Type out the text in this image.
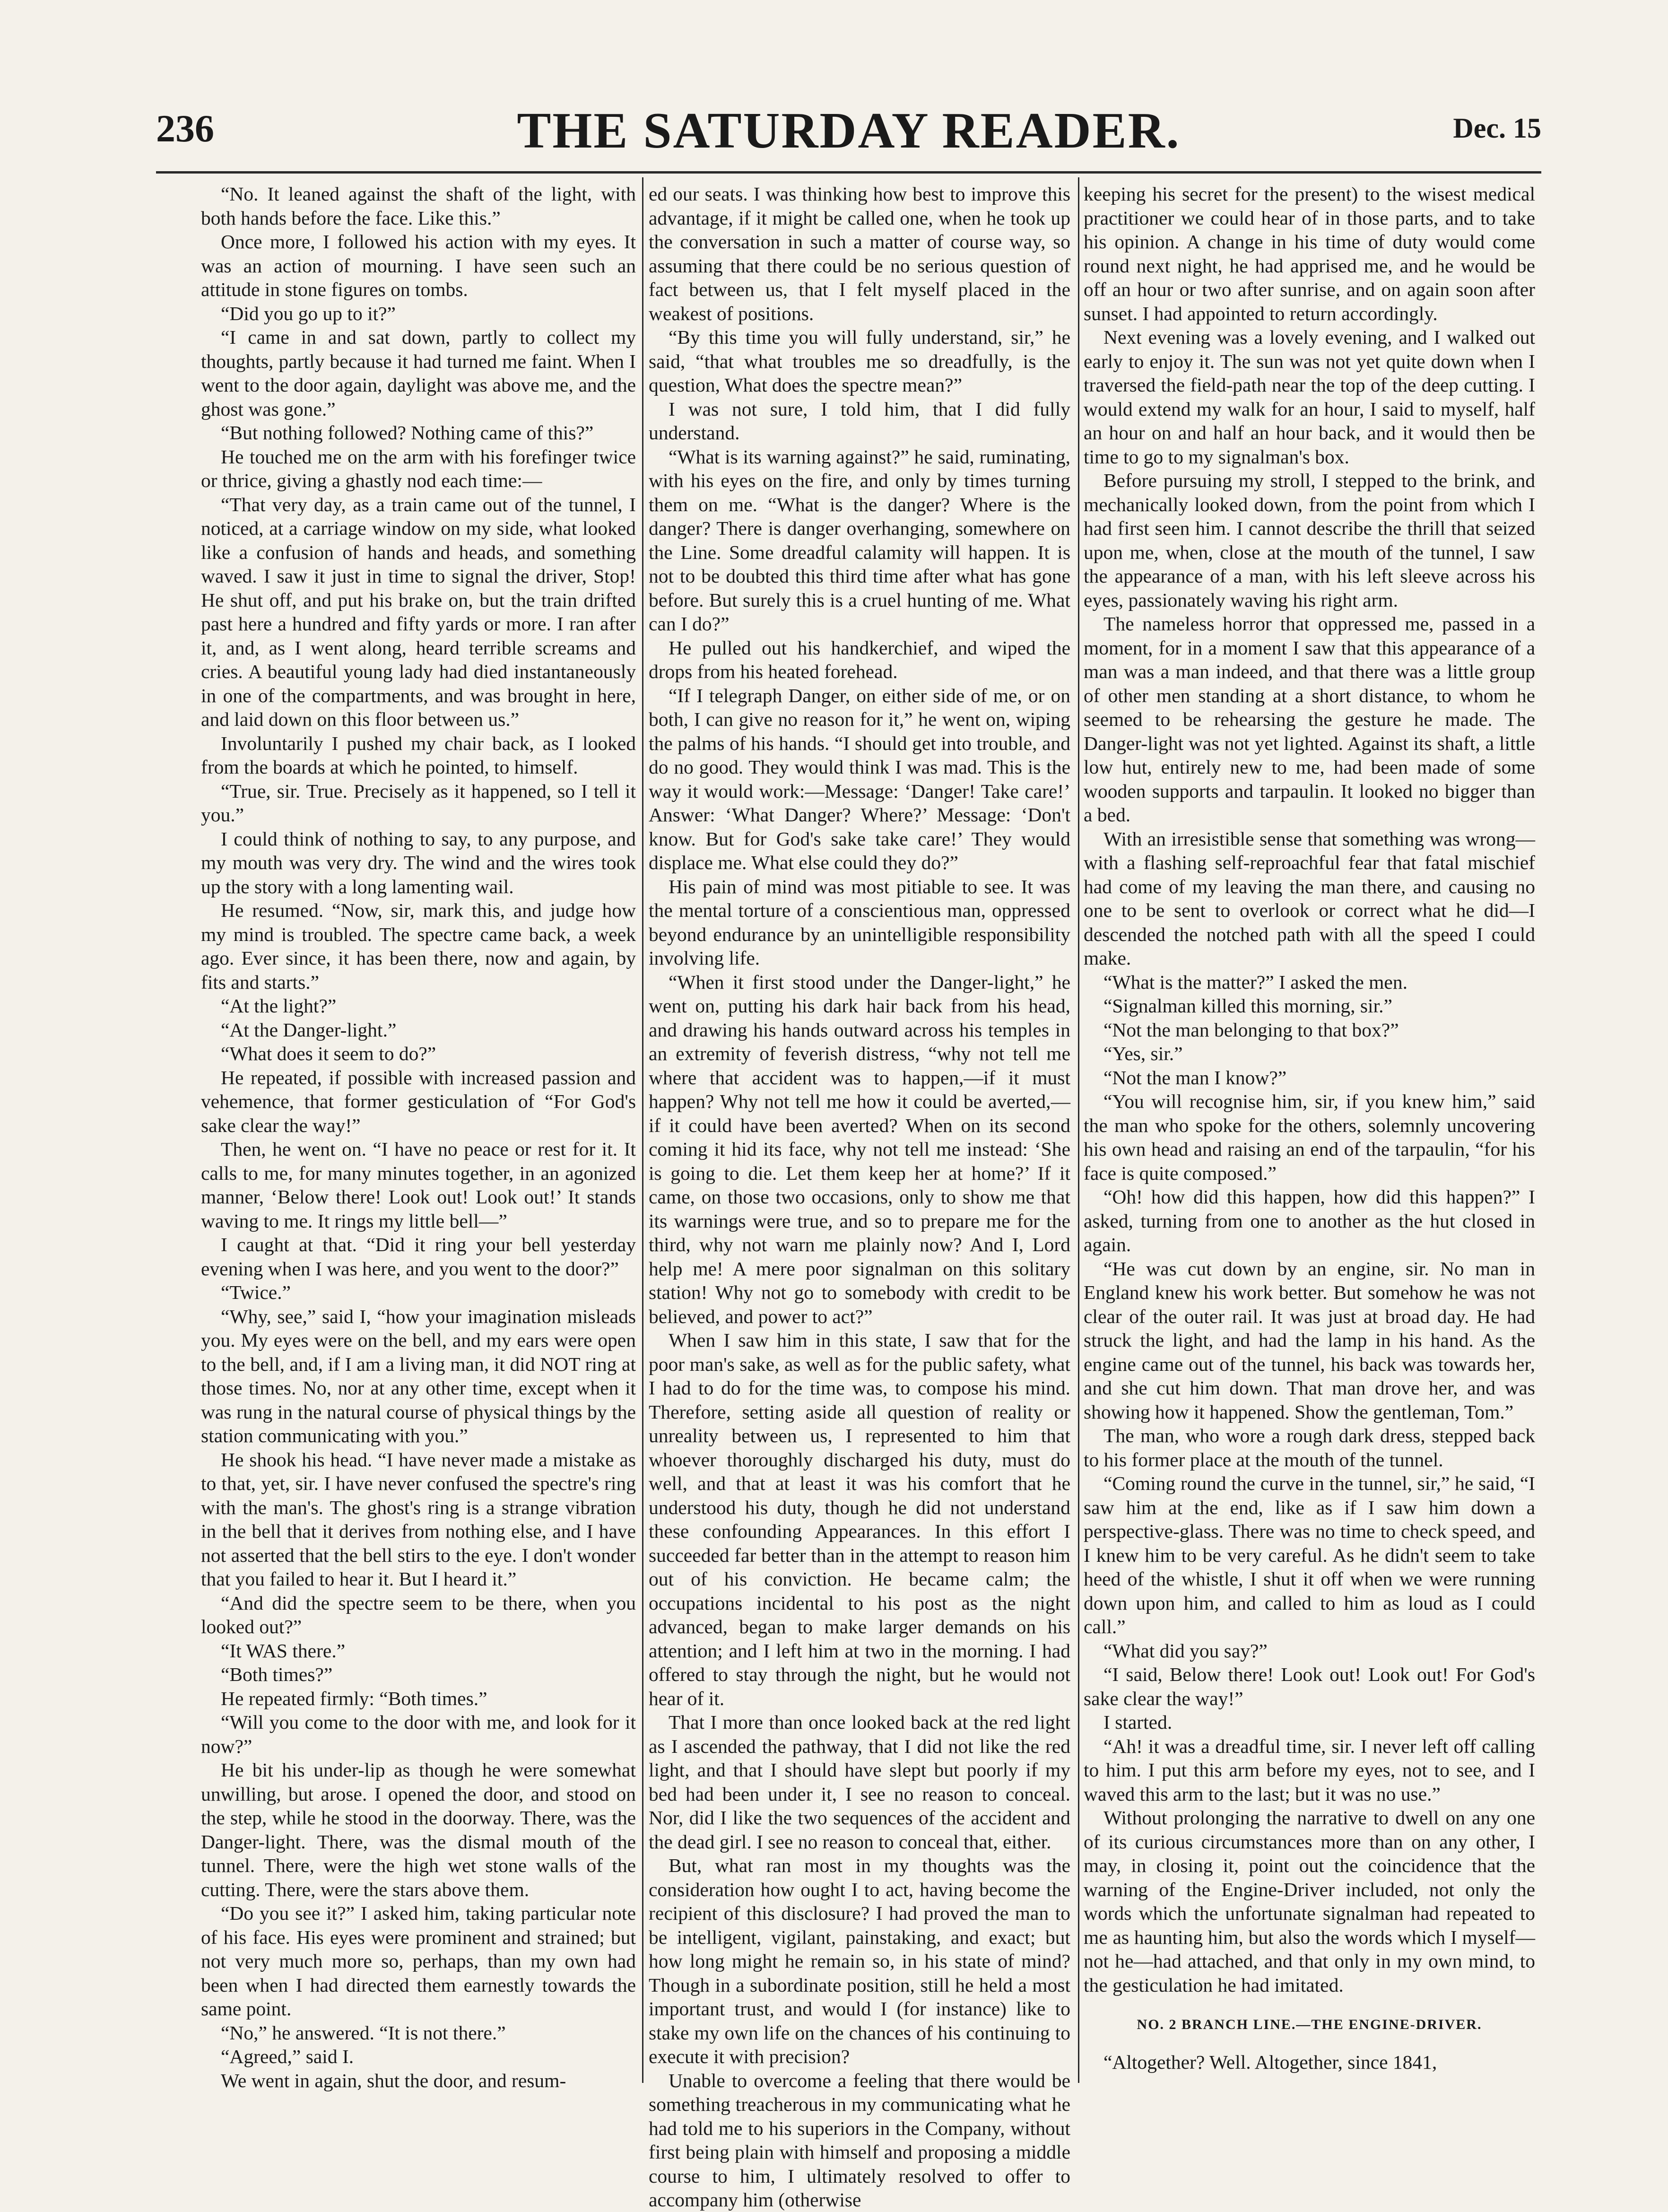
236	THE SATURDAY READER.	Dec. 15

“No. It leaned against the shaft of the light, with both hands before the face. Like this.”

Once more, I followed his action with my eyes. It was an action of mourning. I have seen such an attitude in stone figures on tombs.

“Did you go up to it?”

“I came in and sat down, partly to collect my thoughts, partly because it had turned me faint. When I went to the door again, daylight was above me, and the ghost was gone.”

“But nothing followed? Nothing came of this?”

He touched me on the arm with his forefinger twice or thrice, giving a ghastly nod each time:—

“That very day, as a train came out of the tunnel, I noticed, at a carriage window on my side, what looked like a confusion of hands and heads, and something waved. I saw it just in time to signal the driver, Stop! He shut off, and put his brake on, but the train drifted past here a hundred and fifty yards or more. I ran after it, and, as I went along, heard terrible screams and cries. A beautiful young lady had died instantaneously in one of the compartments, and was brought in here, and laid down on this floor between us.”

Involuntarily I pushed my chair back, as I looked from the boards at which he pointed, to himself.

“True, sir. True. Precisely as it happened, so I tell it you.”

I could think of nothing to say, to any purpose, and my mouth was very dry. The wind and the wires took up the story with a long lamenting wail.

He resumed. “Now, sir, mark this, and judge how my mind is troubled. The spectre came back, a week ago. Ever since, it has been there, now and again, by fits and starts.”

“At the light?”

“At the Danger-light.”

“What does it seem to do?”

He repeated, if possible with increased passion and vehemence, that former gesticulation of “For God's sake clear the way!”

Then, he went on. “I have no peace or rest for it. It calls to me, for many minutes together, in an agonized manner, ‘Below there! Look out! Look out!’ It stands waving to me. It rings my little bell—”

I caught at that. “Did it ring your bell yesterday evening when I was here, and you went to the door?”

“Twice.”

“Why, see,” said I, “how your imagination misleads you. My eyes were on the bell, and my ears were open to the bell, and, if I am a living man, it did NOT ring at those times. No, nor at any other time, except when it was rung in the natural course of physical things by the station communicating with you.”

He shook his head. “I have never made a mistake as to that, yet, sir. I have never confused the spectre's ring with the man's. The ghost's ring is a strange vibration in the bell that it derives from nothing else, and I have not asserted that the bell stirs to the eye. I don't wonder that you failed to hear it. But I heard it.”

“And did the spectre seem to be there, when you looked out?”

“It WAS there.”

“Both times?”

He repeated firmly: “Both times.”

“Will you come to the door with me, and look for it now?”

He bit his under-lip as though he were somewhat unwilling, but arose. I opened the door, and stood on the step, while he stood in the doorway. There, was the Danger-light. There, was the dismal mouth of the tunnel. There, were the high wet stone walls of the cutting. There, were the stars above them.

“Do you see it?” I asked him, taking particular note of his face. His eyes were prominent and strained; but not very much more so, perhaps, than my own had been when I had directed them earnestly towards the same point.

“No,” he answered. “It is not there.”

“Agreed,” said I.

We went in again, shut the door, and resum-

ed our seats. I was thinking how best to improve this advantage, if it might be called one, when he took up the conversation in such a matter of course way, so assuming that there could be no serious question of fact between us, that I felt myself placed in the weakest of positions.

“By this time you will fully understand, sir,” he said, “that what troubles me so dreadfully, is the question, What does the spectre mean?”

I was not sure, I told him, that I did fully understand.

“What is its warning against?” he said, ruminating, with his eyes on the fire, and only by times turning them on me. “What is the danger? Where is the danger? There is danger overhanging, somewhere on the Line. Some dreadful calamity will happen. It is not to be doubted this third time after what has gone before. But surely this is a cruel hunting of me. What can I do?”

He pulled out his handkerchief, and wiped the drops from his heated forehead.

“If I telegraph Danger, on either side of me, or on both, I can give no reason for it,” he went on, wiping the palms of his hands. “I should get into trouble, and do no good. They would think I was mad. This is the way it would work:—Message: ‘Danger! Take care!’ Answer: ‘What Danger? Where?’ Message: ‘Don't know. But for God's sake take care!’ They would displace me. What else could they do?”

His pain of mind was most pitiable to see. It was the mental torture of a conscientious man, oppressed beyond endurance by an unintelligible responsibility involving life.

“When it first stood under the Danger-light,” he went on, putting his dark hair back from his head, and drawing his hands outward across his temples in an extremity of feverish distress, “why not tell me where that accident was to happen,—if it must happen? Why not tell me how it could be averted,—if it could have been averted? When on its second coming it hid its face, why not tell me instead: ‘She is going to die. Let them keep her at home?’ If it came, on those two occasions, only to show me that its warnings were true, and so to prepare me for the third, why not warn me plainly now? And I, Lord help me! A mere poor signalman on this solitary station! Why not go to somebody with credit to be believed, and power to act?”

When I saw him in this state, I saw that for the poor man's sake, as well as for the public safety, what I had to do for the time was, to compose his mind. Therefore, setting aside all question of reality or unreality between us, I represented to him that whoever thoroughly discharged his duty, must do well, and that at least it was his comfort that he understood his duty, though he did not understand these confounding Appearances. In this effort I succeeded far better than in the attempt to reason him out of his conviction. He became calm; the occupations incidental to his post as the night advanced, began to make larger demands on his attention; and I left him at two in the morning. I had offered to stay through the night, but he would not hear of it.

That I more than once looked back at the red light as I ascended the pathway, that I did not like the red light, and that I should have slept but poorly if my bed had been under it, I see no reason to conceal. Nor, did I like the two sequences of the accident and the dead girl. I see no reason to conceal that, either.

But, what ran most in my thoughts was the consideration how ought I to act, having become the recipient of this disclosure? I had proved the man to be intelligent, vigilant, painstaking, and exact; but how long might he remain so, in his state of mind? Though in a subordinate position, still he held a most important trust, and would I (for instance) like to stake my own life on the chances of his continuing to execute it with precision?

Unable to overcome a feeling that there would be something treacherous in my communicating what he had told me to his superiors in the Company, without first being plain with himself and proposing a middle course to him, I ultimately resolved to offer to accompany him (otherwise

keeping his secret for the present) to the wisest medical practitioner we could hear of in those parts, and to take his opinion. A change in his time of duty would come round next night, he had apprised me, and he would be off an hour or two after sunrise, and on again soon after sunset. I had appointed to return accordingly.

Next evening was a lovely evening, and I walked out early to enjoy it. The sun was not yet quite down when I traversed the field-path near the top of the deep cutting. I would extend my walk for an hour, I said to myself, half an hour on and half an hour back, and it would then be time to go to my signalman's box.

Before pursuing my stroll, I stepped to the brink, and mechanically looked down, from the point from which I had first seen him. I cannot describe the thrill that seized upon me, when, close at the mouth of the tunnel, I saw the appearance of a man, with his left sleeve across his eyes, passionately waving his right arm.

The nameless horror that oppressed me, passed in a moment, for in a moment I saw that this appearance of a man was a man indeed, and that there was a little group of other men standing at a short distance, to whom he seemed to be rehearsing the gesture he made. The Danger-light was not yet lighted. Against its shaft, a little low hut, entirely new to me, had been made of some wooden supports and tarpaulin. It looked no bigger than a bed.

With an irresistible sense that something was wrong—with a flashing self-reproachful fear that fatal mischief had come of my leaving the man there, and causing no one to be sent to overlook or correct what he did—I descended the notched path with all the speed I could make.

“What is the matter?” I asked the men.

“Signalman killed this morning, sir.”

“Not the man belonging to that box?”

“Yes, sir.”

“Not the man I know?”

“You will recognise him, sir, if you knew him,” said the man who spoke for the others, solemnly uncovering his own head and raising an end of the tarpaulin, “for his face is quite composed.”

“Oh! how did this happen, how did this happen?” I asked, turning from one to another as the hut closed in again.

“He was cut down by an engine, sir. No man in England knew his work better. But somehow he was not clear of the outer rail. It was just at broad day. He had struck the light, and had the lamp in his hand. As the engine came out of the tunnel, his back was towards her, and she cut him down. That man drove her, and was showing how it happened. Show the gentleman, Tom.”

The man, who wore a rough dark dress, stepped back to his former place at the mouth of the tunnel.

“Coming round the curve in the tunnel, sir,” he said, “I saw him at the end, like as if I saw him down a perspective-glass. There was no time to check speed, and I knew him to be very careful. As he didn't seem to take heed of the whistle, I shut it off when we were running down upon him, and called to him as loud as I could call.”

“What did you say?”

“I said, Below there! Look out! Look out! For God's sake clear the way!”

I started.

“Ah! it was a dreadful time, sir. I never left off calling to him. I put this arm before my eyes, not to see, and I waved this arm to the last; but it was no use.”

Without prolonging the narrative to dwell on any one of its curious circumstances more than on any other, I may, in closing it, point out the coincidence that the warning of the Engine-Driver included, not only the words which the unfortunate signalman had repeated to me as haunting him, but also the words which I myself—not he—had attached, and that only in my own mind, to the gesticulation he had imitated.

NO. 2 BRANCH LINE.—THE ENGINE-DRIVER.

“Altogether? Well. Altogether, since 1841,
